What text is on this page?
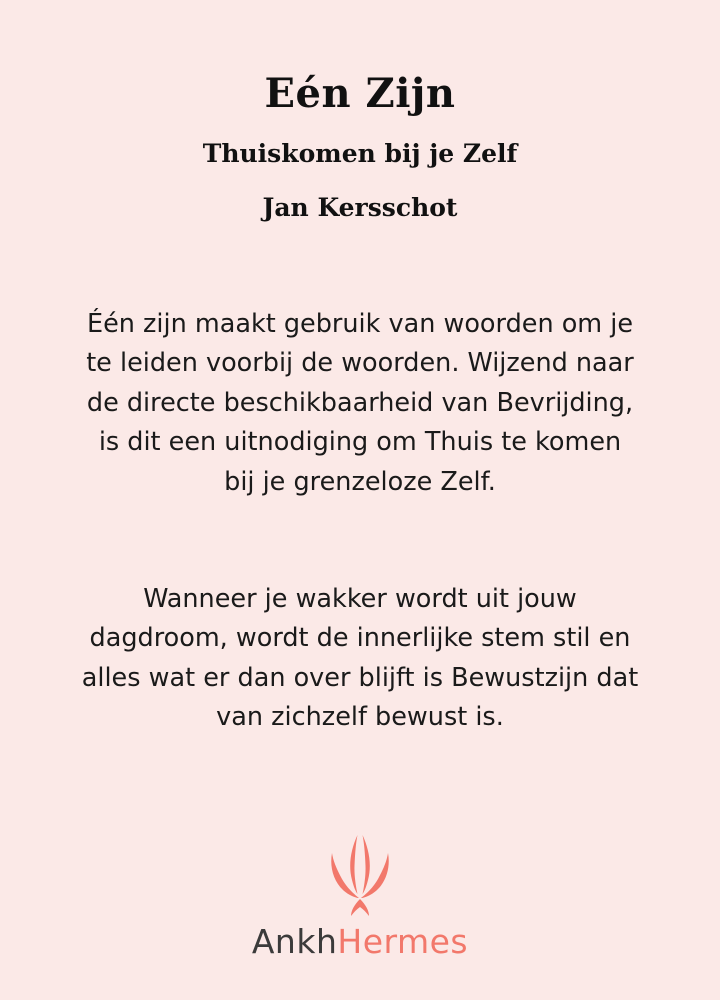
Eén Zijn
Thuiskomen bij je Zelf
Jan Kersschot

Één zijn maakt gebruik van woorden om je te leiden voorbij de woorden. Wijzend naar de directe beschikbaarheid van Bevrijding, is dit een uitnodiging om Thuis te komen bij je grenzeloze Zelf.

Wanneer je wakker wordt uit jouw dagdroom, wordt de innerlijke stem stil en alles wat er dan over blijft is Bewustzijn dat van zichzelf bewust is.

AnkhHermes
